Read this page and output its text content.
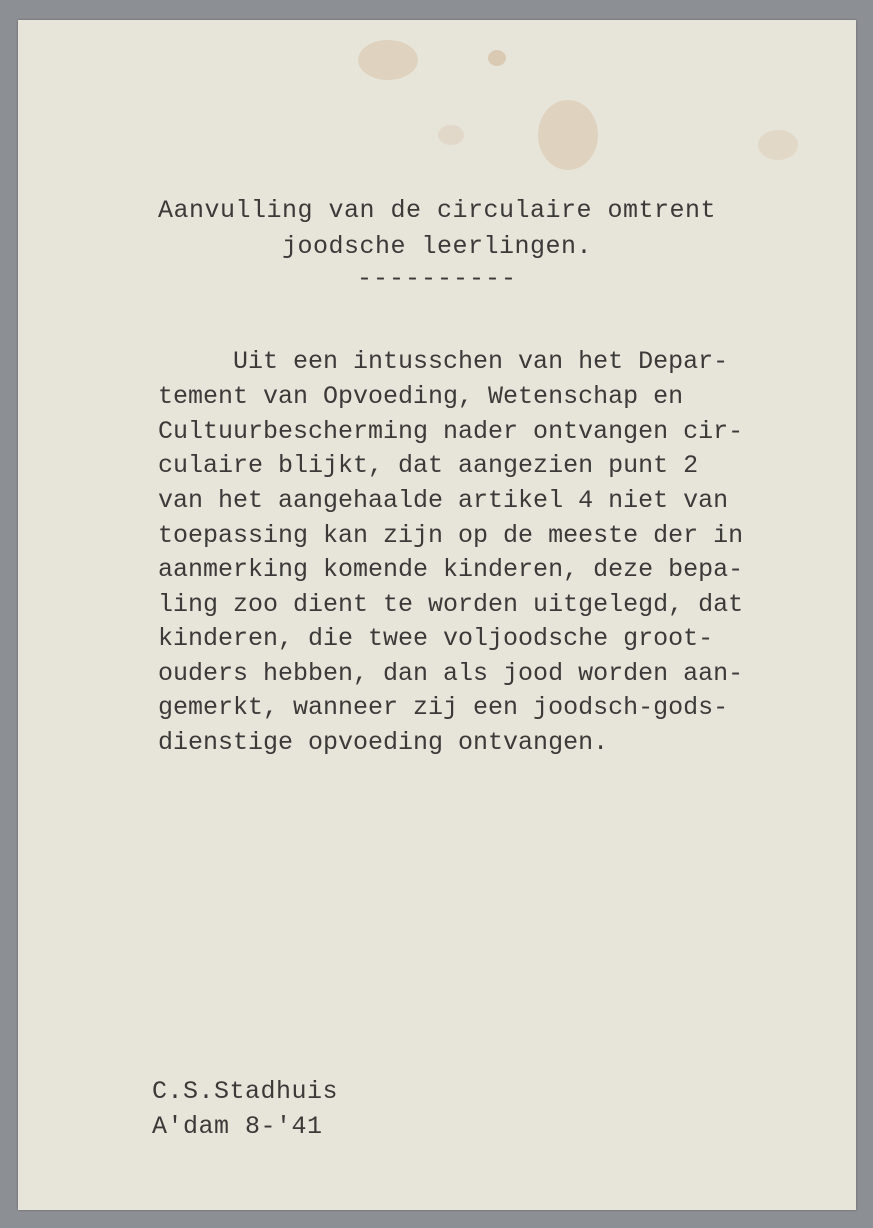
Aanvulling van de circulaire omtrent
joodsche leerlingen.
----------
Uit een intusschen van het Depar-
tement van Opvoeding, Wetenschap en
Cultuurbescherming nader ontvangen cir-
culaire blijkt, dat aangezien punt 2
van het aangehaalde artikel 4 niet van
toepassing kan zijn op de meeste der in
aanmerking komende kinderen, deze bepa-
ling zoo dient te worden uitgelegd, dat
kinderen, die twee voljoodsche groot-
ouders hebben, dan als jood worden aan-
gemerkt, wanneer zij een joodsch-gods-
dienstige opvoeding ontvangen.
C.S.Stadhuis
A'dam 8-'41
